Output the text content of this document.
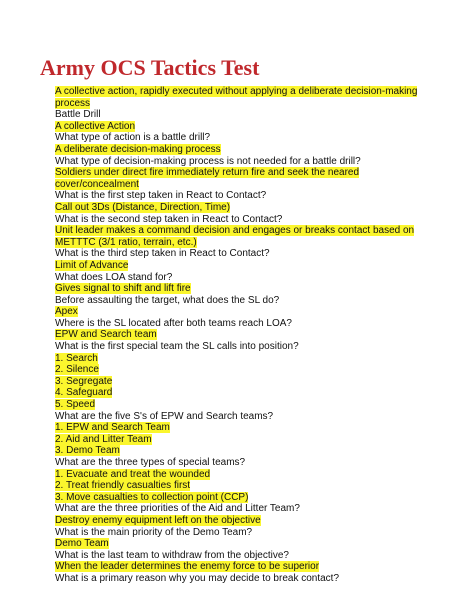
Army OCS Tactics Test
A collective action, rapidly executed without applying a deliberate decision-making
process
Battle Drill
A collective Action
What type of action is a battle drill?
A deliberate decision-making process
What type of decision-making process is not needed for a battle drill?
Soldiers under direct fire immediately return fire and seek the neared
cover/concealment
What is the first step taken in React to Contact?
Call out 3Ds (Distance, Direction, Time)
What is the second step taken in React to Contact?
Unit leader makes a command decision and engages or breaks contact based on
METTTC (3/1 ratio, terrain, etc.)
What is the third step taken in React to Contact?
Limit of Advance
What does LOA stand for?
Gives signal to shift and lift fire
Before assaulting the target, what does the SL do?
Apex
Where is the SL located after both teams reach LOA?
EPW and Search team
What is the first special team the SL calls into position?
1. Search
2. Silence
3. Segregate
4. Safeguard
5. Speed
What are the five S's of EPW and Search teams?
1. EPW and Search Team
2. Aid and Litter Team
3. Demo Team
What are the three types of special teams?
1. Evacuate and treat the wounded
2. Treat friendly casualties first
3. Move casualties to collection point (CCP)
What are the three priorities of the Aid and Litter Team?
Destroy enemy equipment left on the objective
What is the main priority of the Demo Team?
Demo Team
What is the last team to withdraw from the objective?
When the leader determines the enemy force to be superior
What is a primary reason why you may decide to break contact?
